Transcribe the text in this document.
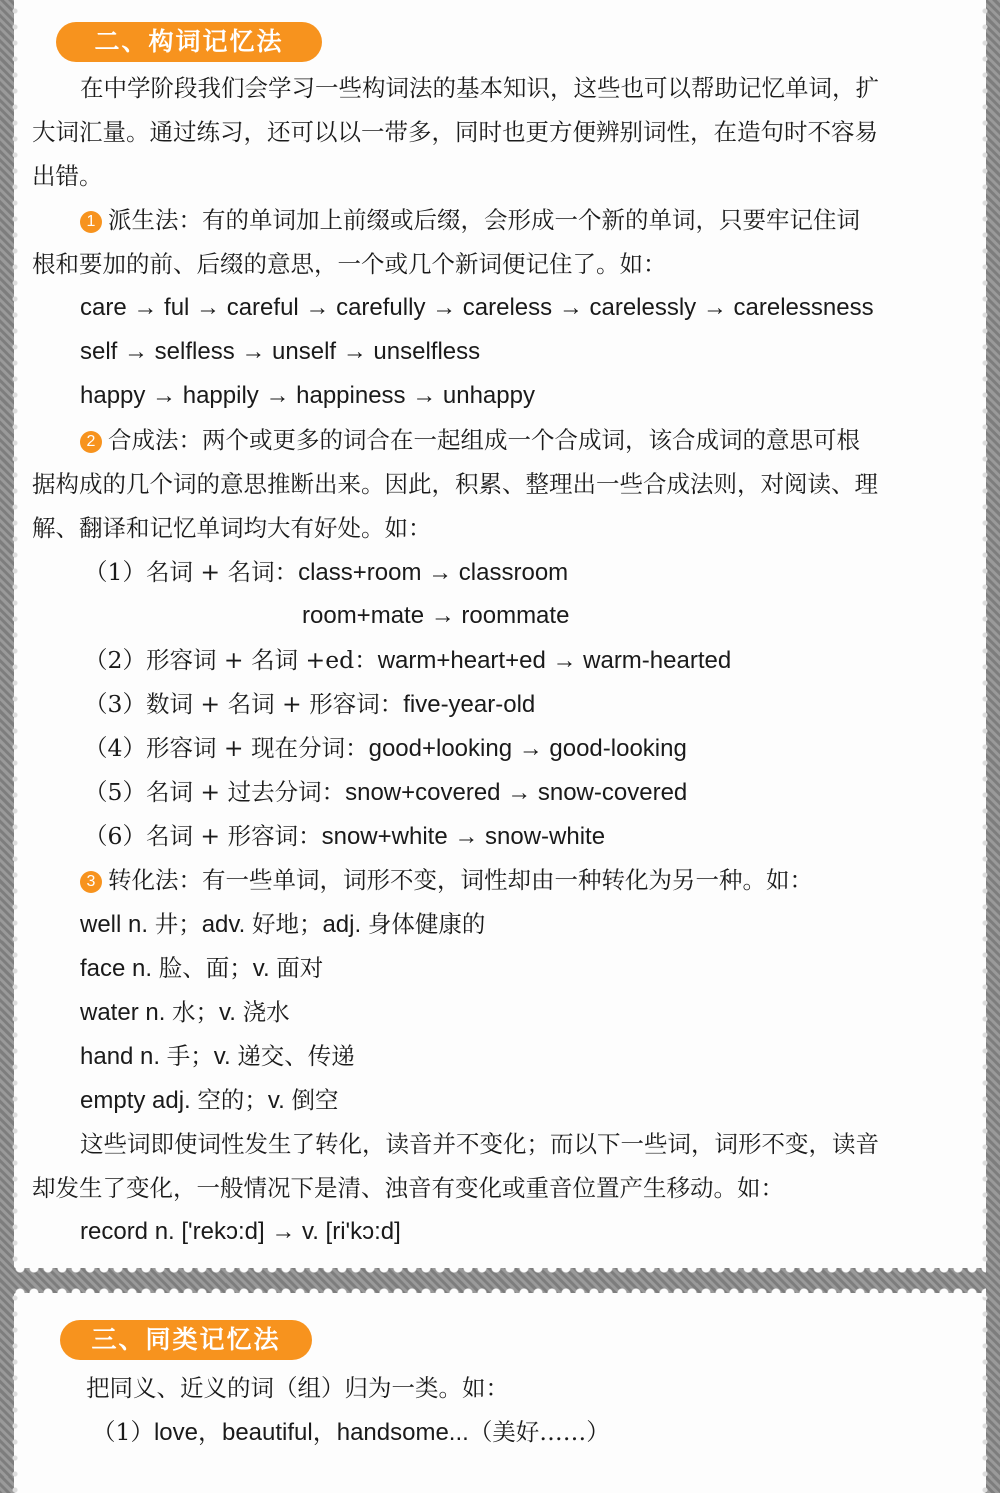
二、构词记忆法
在中学阶段我们会学习一些构词法的基本知识，这些也可以帮助记忆单词，扩
大词汇量。通过练习，还可以以一带多，同时也更方便辨别词性，在造句时不容易
出错。
1 派生法：有的单词加上前缀或后缀，会形成一个新的单词，只要牢记住词
根和要加的前、后缀的意思，一个或几个新词便记住了。如：
care → ful → careful → carefully → careless → carelessly → carelessness
self → selfless → unself → unselfless
happy → happily → happiness → unhappy
2 合成法：两个或更多的词合在一起组成一个合成词，该合成词的意思可根
据构成的几个词的意思推断出来。因此，积累、整理出一些合成法则，对阅读、理
解、翻译和记忆单词均大有好处。如：
（1）名词 + 名词：class+room → classroom
room+mate → roommate
（2）形容词 + 名词 +ed：warm+heart+ed → warm-hearted
（3）数词 + 名词 + 形容词：five-year-old
（4）形容词 + 现在分词：good+looking → good-looking
（5）名词 + 过去分词：snow+covered → snow-covered
（6）名词 + 形容词：snow+white → snow-white
3 转化法：有一些单词，词形不变，词性却由一种转化为另一种。如：
well n. 井；adv. 好地；adj. 身体健康的
face n. 脸、面；v. 面对
water n. 水；v. 浇水
hand n. 手；v. 递交、传递
empty adj. 空的；v. 倒空
这些词即使词性发生了转化，读音并不变化；而以下一些词，词形不变，读音
却发生了变化，一般情况下是清、浊音有变化或重音位置产生移动。如：
record n. ['rekɔ:d] → v. [ri'kɔ:d]
三、同类记忆法
把同义、近义的词（组）归为一类。如：
（1）love，beautiful，handsome...（美好……）
